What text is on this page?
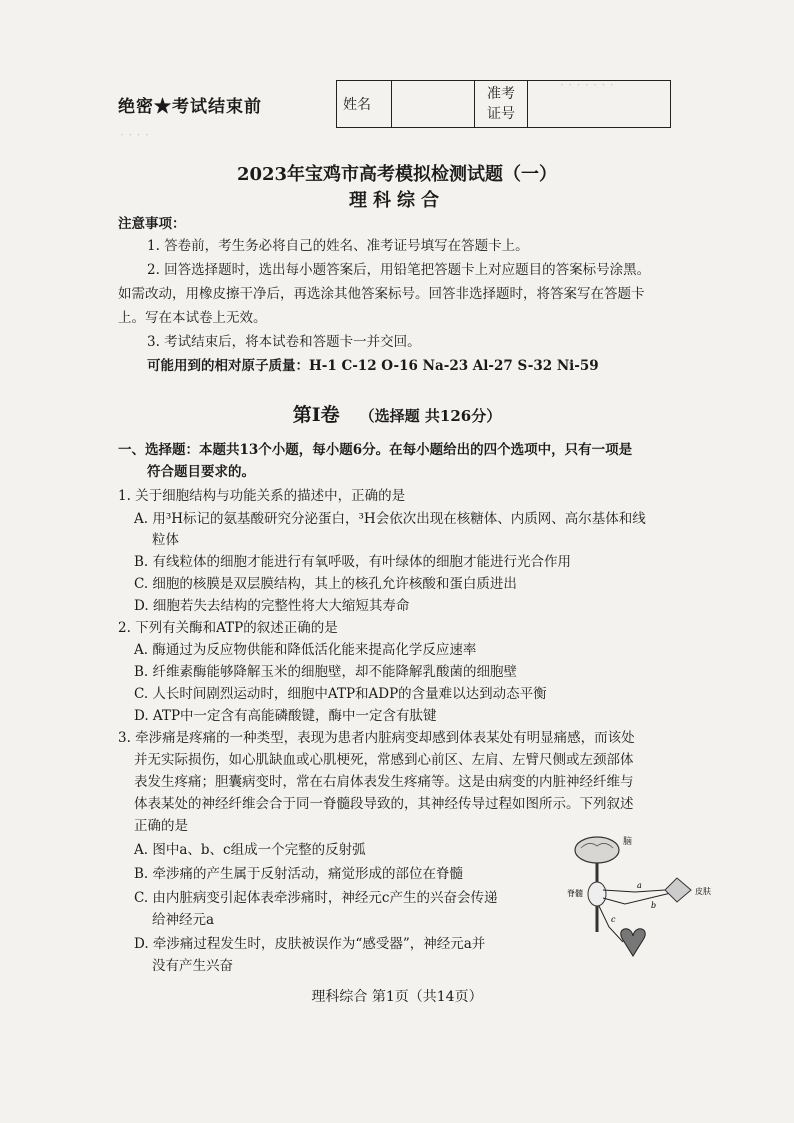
· · · · · · ·
· · · ·
绝密★考试结束前	姓名		
准考
证号

2023年宝鸡市高考模拟检测试题（一）
理科综合
注意事项：
1. 答卷前，考生务必将自己的姓名、准考证号填写在答题卡上。
2. 回答选择题时，选出每小题答案后，用铅笔把答题卡上对应题目的答案标号涂黑。
如需改动，用橡皮擦干净后，再选涂其他答案标号。回答非选择题时，将答案写在答题卡
上。写在本试卷上无效。
3. 考试结束后，将本试卷和答题卡一并交回。
可能用到的相对原子质量：H-1 C-12 O-16 Na-23 Al-27 S-32 Ni-59
第Ⅰ卷 （选择题 共126分）
一、选择题：本题共13个小题，每小题6分。在每小题给出的四个选项中，只有一项是
符合题目要求的。
1. 关于细胞结构与功能关系的描述中，正确的是
A. 用³H标记的氨基酸研究分泌蛋白，³H会依次出现在核糖体、内质网、高尔基体和线
粒体
B. 有线粒体的细胞才能进行有氧呼吸，有叶绿体的细胞才能进行光合作用
C. 细胞的核膜是双层膜结构，其上的核孔允许核酸和蛋白质进出
D. 细胞若失去结构的完整性将大大缩短其寿命
2. 下列有关酶和ATP的叙述正确的是
A. 酶通过为反应物供能和降低活化能来提高化学反应速率
B. 纤维素酶能够降解玉米的细胞壁，却不能降解乳酸菌的细胞壁
C. 人长时间剧烈运动时，细胞中ATP和ADP的含量难以达到动态平衡
D. ATP中一定含有高能磷酸键，酶中一定含有肽键
3. 牵涉痛是疼痛的一种类型，表现为患者内脏病变却感到体表某处有明显痛感，而该处
并无实际损伤，如心肌缺血或心肌梗死，常感到心前区、左肩、左臂尺侧或左颈部体
表发生疼痛；胆囊病变时，常在右肩体表发生疼痛等。这是由病变的内脏神经纤维与
体表某处的神经纤维会合于同一脊髓段导致的，其神经传导过程如图所示。下列叙述
正确的是
A. 图中a、b、c组成一个完整的反射弧
B. 牵涉痛的产生属于反射活动，痛觉形成的部位在脊髓
C. 由内脏病变引起体表牵涉痛时，神经元c产生的兴奋会传递
给神经元a
D. 牵涉痛过程发生时，皮肤被误作为“感受器”，神经元a并
没有产生兴奋
脑
脊髓
a
b
c
皮肤
理科综合 第1页（共14页）
